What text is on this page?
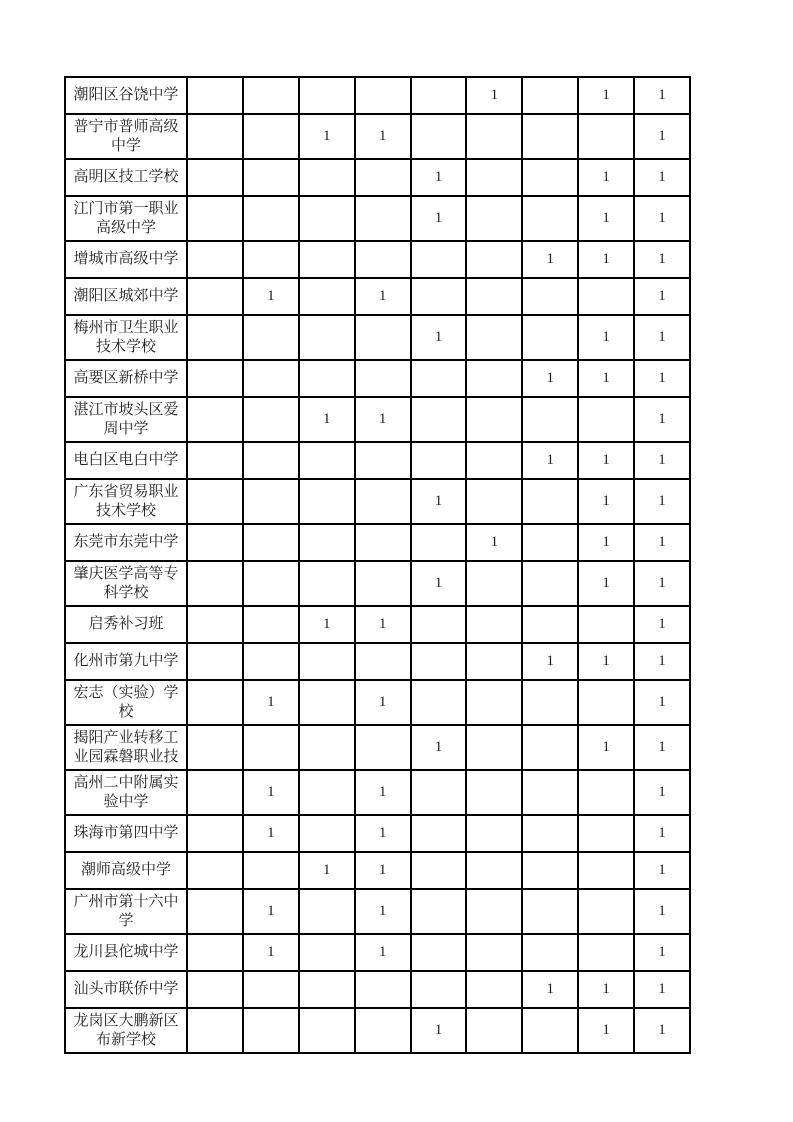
潮阳区谷饶中学						1		1	1
普宁市普师高级中学			1	1					1
高明区技工学校					1			1	1
江门市第一职业高级中学					1			1	1
增城市高级中学							1	1	1
潮阳区城郊中学		1		1					1
梅州市卫生职业技术学校					1			1	1
高要区新桥中学							1	1	1
湛江市坡头区爱周中学			1	1					1
电白区电白中学							1	1	1
广东省贸易职业技术学校					1			1	1
东莞市东莞中学						1		1	1
肇庆医学高等专科学校					1			1	1
启秀补习班			1	1					1
化州市第九中学							1	1	1
宏志（实验）学校		1		1					1
揭阳产业转移工业园霖磐职业技					1			1	1
高州二中附属实验中学		1		1					1
珠海市第四中学		1		1					1
潮师高级中学			1	1					1
广州市第十六中学		1		1					1
龙川县佗城中学		1		1					1
汕头市联侨中学							1	1	1
龙岗区大鹏新区布新学校					1			1	1
